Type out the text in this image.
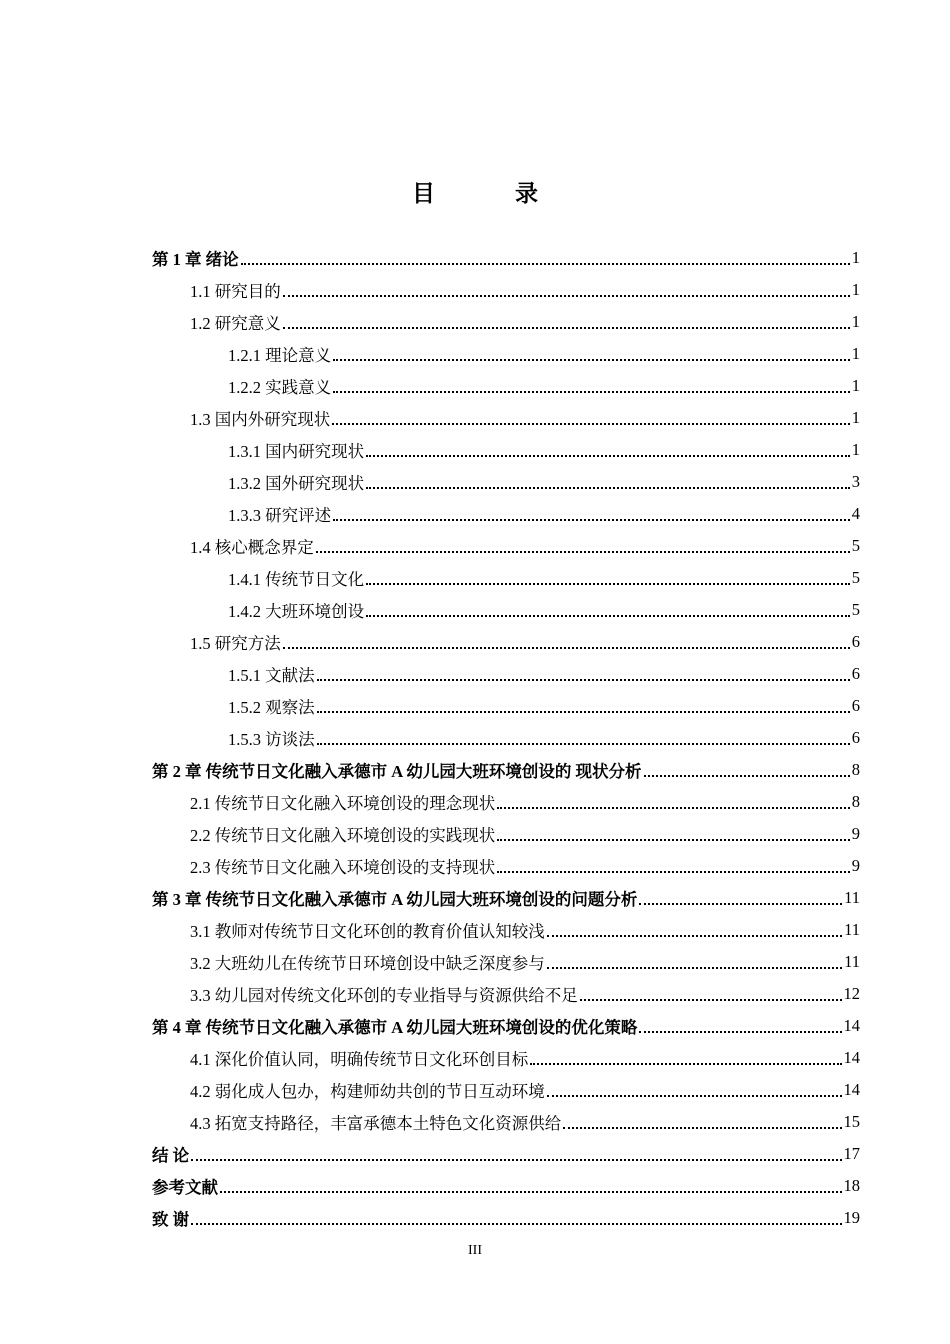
目 录
第 1 章 绪论	1
1.1 研究目的	1
1.2 研究意义	1
1.2.1 理论意义	1
1.2.2 实践意义	1
1.3 国内外研究现状	1
1.3.1 国内研究现状	1
1.3.2 国外研究现状	3
1.3.3 研究评述	4
1.4 核心概念界定	5
1.4.1 传统节日文化	5
1.4.2 大班环境创设	5
1.5 研究方法	6
1.5.1 文献法	6
1.5.2 观察法	6
1.5.3 访谈法	6
第 2 章 传统节日文化融入承德市 A 幼儿园大班环境创设的 现状分析	8
2.1 传统节日文化融入环境创设的理念现状	8
2.2 传统节日文化融入环境创设的实践现状	9
2.3 传统节日文化融入环境创设的支持现状	9
第 3 章 传统节日文化融入承德市 A 幼儿园大班环境创设的问题分析	11
3.1 教师对传统节日文化环创的教育价值认知较浅	11
3.2 大班幼儿在传统节日环境创设中缺乏深度参与	11
3.3 幼儿园对传统文化环创的专业指导与资源供给不足	12
第 4 章 传统节日文化融入承德市 A 幼儿园大班环境创设的优化策略	14
4.1 深化价值认同，明确传统节日文化环创目标	14
4.2 弱化成人包办，构建师幼共创的节日互动环境	14
4.3 拓宽支持路径，丰富承德本土特色文化资源供给	15
结 论	17
参考文献	18
致 谢	19
III
